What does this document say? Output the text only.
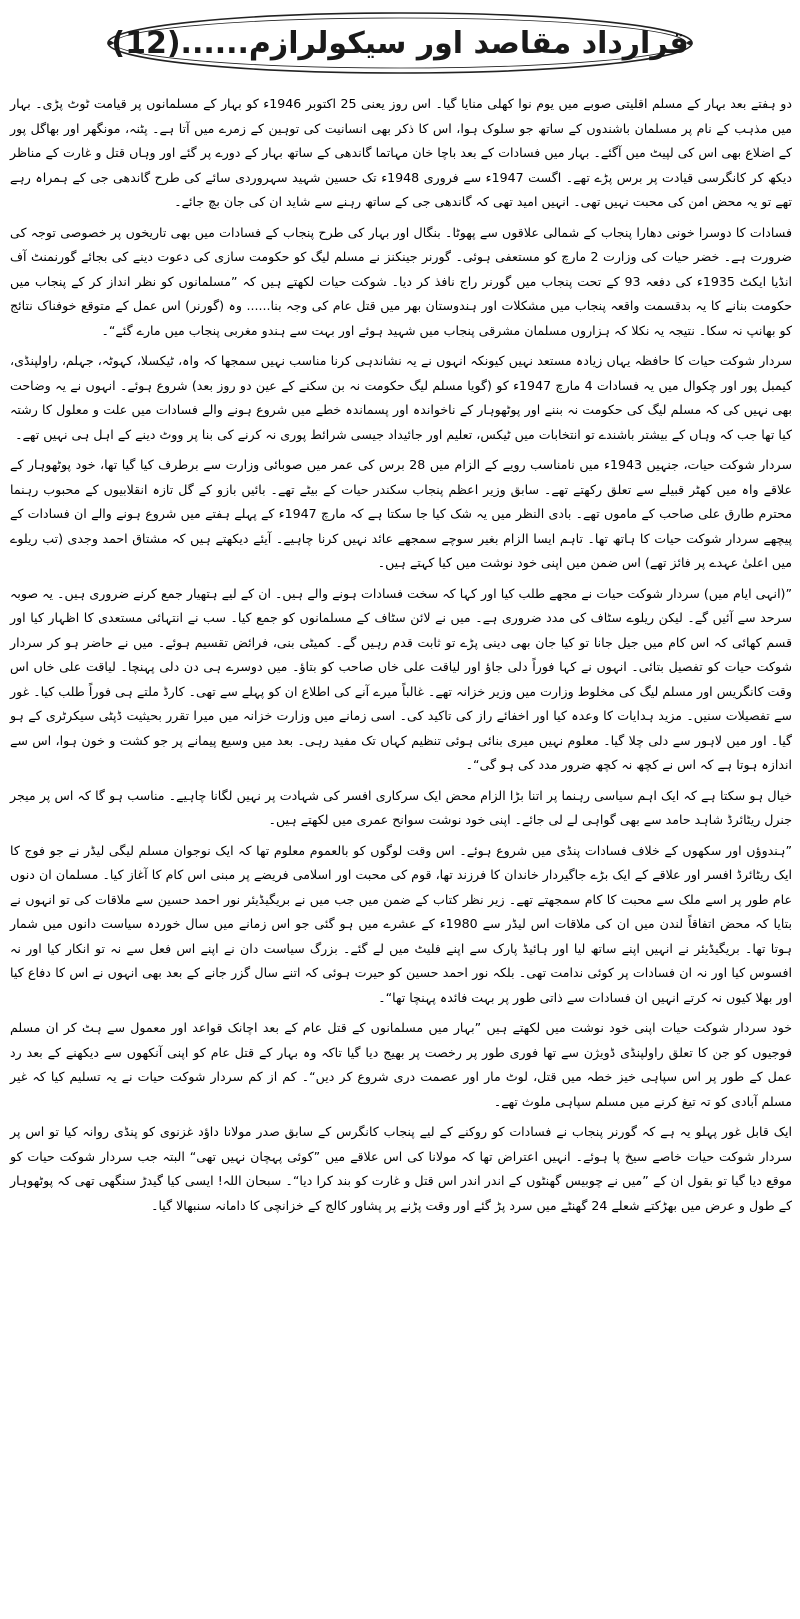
قرارداد مقاصد اور سیکولرازم......(12)

دو ہفتے بعد بہار کے مسلم اقلیتی صوبے میں یوم نوا کھلی منایا گیا۔ اس روز یعنی 25 اکتوبر 1946ء کو بہار کے مسلمانوں پر قیامت ٹوٹ پڑی۔ بہار میں مذہب کے نام پر مسلمان باشندوں کے ساتھ جو سلوک ہوا، اس کا ذکر بھی انسانیت کی توہین کے زمرے میں آتا ہے۔ پٹنہ، مونگھر اور بھاگل پور کے اضلاع بھی اس کی لپیٹ میں آگئے۔ بہار میں فسادات کے بعد باچا خان مہاتما گاندھی کے ساتھ بہار کے دورے پر گئے اور وہاں قتل و غارت کے مناظر دیکھ کر کانگرسی قیادت پر برس پڑے تھے۔ اگست 1947ء سے فروری 1948ء تک حسین شہید سہروردی سائے کی طرح گاندھی جی کے ہمراہ رہے تھے تو یہ محض امن کی محبت نہیں تھی۔ انہیں امید تھی کہ گاندھی جی کے ساتھ رہنے سے شاید ان کی جان بچ جائے۔

فسادات کا دوسرا خونی دھارا پنجاب کے شمالی علاقوں سے پھوٹا۔ بنگال اور بہار کی طرح پنجاب کے فسادات میں بھی تاریخوں پر خصوصی توجہ کی ضرورت ہے۔ خضر حیات کی وزارت 2 مارچ کو مستعفی ہوئی۔ گورنر جینکنز نے مسلم لیگ کو حکومت سازی کی دعوت دینے کی بجائے گورنمنٹ آف انڈیا ایکٹ 1935ء کی دفعہ 93 کے تحت پنجاب میں گورنر راج نافذ کر دیا۔ شوکت حیات لکھتے ہیں کہ ”مسلمانوں کو نظر انداز کر کے پنجاب میں حکومت بنانے کا یہ بدقسمت واقعہ پنجاب میں مشکلات اور ہندوستان بھر میں قتل عام کی وجہ بنا...... وہ (گورنر) اس عمل کے متوقع خوفناک نتائج کو بھانپ نہ سکا۔ نتیجہ یہ نکلا کہ ہزاروں مسلمان مشرقی پنجاب میں شہید ہوئے اور بہت سے ہندو مغربی پنجاب میں مارے گئے“۔

سردار شوکت حیات کا حافظہ یہاں زیادہ مستعد نہیں کیونکہ انہوں نے یہ نشاندہی کرنا مناسب نہیں سمجھا کہ واہ، ٹیکسلا، کہوٹہ، جہلم، راولپنڈی، کیمبل پور اور چکوال میں یہ فسادات 4 مارچ 1947ء کو (گویا مسلم لیگ حکومت نہ بن سکنے کے عین دو روز بعد) شروع ہوئے۔ انہوں نے یہ وضاحت بھی نہیں کی کہ مسلم لیگ کی حکومت نہ بننے اور پوٹھوہار کے ناخواندہ اور پسماندہ خطے میں شروع ہونے والے فسادات میں علت و معلول کا رشتہ کیا تھا جب کہ وہاں کے بیشتر باشندے تو انتخابات میں ٹیکس، تعلیم اور جائیداد جیسی شرائط پوری نہ کرنے کی بنا پر ووٹ دینے کے اہل ہی نہیں تھے۔

سردار شوکت حیات، جنہیں 1943ء میں نامناسب رویے کے الزام میں 28 برس کی عمر میں صوبائی وزارت سے برطرف کیا گیا تھا، خود پوٹھوہار کے علاقے واہ میں کھٹر قبیلے سے تعلق رکھتے تھے۔ سابق وزیر اعظم پنجاب سکندر حیات کے بیٹے تھے۔ بائیں بازو کے گل تازہ انقلابیوں کے محبوب رہنما محترم طارق علی صاحب کے ماموں تھے۔ بادی النظر میں یہ شک کیا جا سکتا ہے کہ مارچ 1947ء کے پہلے ہفتے میں شروع ہونے والے ان فسادات کے پیچھے سردار شوکت حیات کا ہاتھ تھا۔ تاہم ایسا الزام بغیر سوچے سمجھے عائد نہیں کرنا چاہیے۔ آیئے دیکھتے ہیں کہ مشتاق احمد وجدی (تب ریلوے میں اعلیٰ عہدے پر فائز تھے) اس ضمن میں اپنی خود نوشت میں کیا کہتے ہیں۔

”(انہی ایام میں) سردار شوکت حیات نے مجھے طلب کیا اور کہا کہ سخت فسادات ہونے والے ہیں۔ ان کے لیے ہتھیار جمع کرنے ضروری ہیں۔ یہ صوبہ سرحد سے آئیں گے۔ لیکن ریلوے سٹاف کی مدد ضروری ہے۔ میں نے لائن سٹاف کے مسلمانوں کو جمع کیا۔ سب نے انتہائی مستعدی کا اظہار کیا اور قسم کھائی کہ اس کام میں جیل جانا تو کیا جان بھی دینی پڑے تو ثابت قدم رہیں گے۔ کمیٹی بنی، فرائض تقسیم ہوئے۔ میں نے حاضر ہو کر سردار شوکت حیات کو تفصیل بتائی۔ انہوں نے کہا فوراً دلی جاؤ اور لیاقت علی خاں صاحب کو بتاؤ۔ میں دوسرے ہی دن دلی پہنچا۔ لیاقت علی خاں اس وقت کانگریس اور مسلم لیگ کی مخلوط وزارت میں وزیر خزانہ تھے۔ غالباً میرے آنے کی اطلاع ان کو پہلے سے تھی۔ کارڈ ملتے ہی فوراً طلب کیا۔ غور سے تفصیلات سنیں۔ مزید ہدایات کا وعدہ کیا اور اخفائے راز کی تاکید کی۔ اسی زمانے میں وزارت خزانہ میں میرا تقرر بحیثیت ڈپٹی سیکرٹری کے ہو گیا۔ اور میں لاہور سے دلی چلا گیا۔ معلوم نہیں میری بنائی ہوئی تنظیم کہاں تک مفید رہی۔ بعد میں وسیع پیمانے پر جو کشت و خون ہوا، اس سے اندازہ ہوتا ہے کہ اس نے کچھ نہ کچھ ضرور مدد کی ہو گی“۔

خیال ہو سکتا ہے کہ ایک اہم سیاسی رہنما پر اتنا بڑا الزام محض ایک سرکاری افسر کی شہادت پر نہیں لگانا چاہیے۔ مناسب ہو گا کہ اس پر میجر جنرل ریٹائرڈ شاہد حامد سے بھی گواہی لے لی جائے۔ اپنی خود نوشت سوانح عمری میں لکھتے ہیں۔

”ہندوؤں اور سکھوں کے خلاف فسادات پنڈی میں شروع ہوئے۔ اس وقت لوگوں کو بالعموم معلوم تھا کہ ایک نوجوان مسلم لیگی لیڈر نے جو فوج کا ایک ریٹائرڈ افسر اور علاقے کے ایک بڑے جاگیردار خاندان کا فرزند تھا، قوم کی محبت اور اسلامی فریضے پر مبنی اس کام کا آغاز کیا۔ مسلمان ان دنوں عام طور پر اسے ملک سے محبت کا کام سمجھتے تھے۔ زیر نظر کتاب کے ضمن میں جب میں نے بریگیڈیئر نور احمد حسین سے ملاقات کی تو انہوں نے بتایا کہ محض اتفاقاً لندن میں ان کی ملاقات اس لیڈر سے 1980ء کے عشرے میں ہو گئی جو اس زمانے میں سال خوردہ سیاست دانوں میں شمار ہوتا تھا۔ بریگیڈیئر نے انہیں اپنے ساتھ لیا اور ہائیڈ پارک سے اپنے فلیٹ میں لے گئے۔ بزرگ سیاست دان نے اپنے اس فعل سے نہ تو انکار کیا اور نہ افسوس کیا اور نہ ان فسادات پر کوئی ندامت تھی۔ بلکہ نور احمد حسین کو حیرت ہوئی کہ اتنے سال گزر جانے کے بعد بھی انہوں نے اس کا دفاع کیا اور بھلا کیوں نہ کرتے انہیں ان فسادات سے ذاتی طور پر بہت فائدہ پہنچا تھا“۔

خود سردار شوکت حیات اپنی خود نوشت میں لکھتے ہیں ”بہار میں مسلمانوں کے قتل عام کے بعد اچانک قواعد اور معمول سے ہٹ کر ان مسلم فوجیوں کو جن کا تعلق راولپنڈی ڈویژن سے تھا فوری طور پر رخصت پر بھیج دیا گیا تاکہ وہ بہار کے قتل عام کو اپنی آنکھوں سے دیکھنے کے بعد رد عمل کے طور پر اس سپاہی خیز خطہ میں قتل، لوٹ مار اور عصمت دری شروع کر دیں“۔ کم از کم سردار شوکت حیات نے یہ تسلیم کیا کہ غیر مسلم آبادی کو تہ تیغ کرنے میں مسلم سپاہی ملوث تھے۔

ایک قابل غور پہلو یہ ہے کہ گورنر پنجاب نے فسادات کو روکنے کے لیے پنجاب کانگرس کے سابق صدر مولانا داؤد غزنوی کو پنڈی روانہ کیا تو اس پر سردار شوکت حیات خاصے سیخ پا ہوئے۔ انہیں اعتراض تھا کہ مولانا کی اس علاقے میں ”کوئی پہچان نہیں تھی“ البتہ جب سردار شوکت حیات کو موقع دیا گیا تو بقول ان کے ”میں نے چوبیس گھنٹوں کے اندر اندر اس قتل و غارت کو بند کرا دیا“۔ سبحان اللہ! ایسی کیا گیدڑ سنگھی تھی کہ پوٹھوہار کے طول و عرض میں بھڑکتے شعلے 24 گھنٹے میں سرد پڑ گئے اور وقت پڑنے پر پشاور کالج کے خزانچی کا دامانہ سنبھالا گیا۔
